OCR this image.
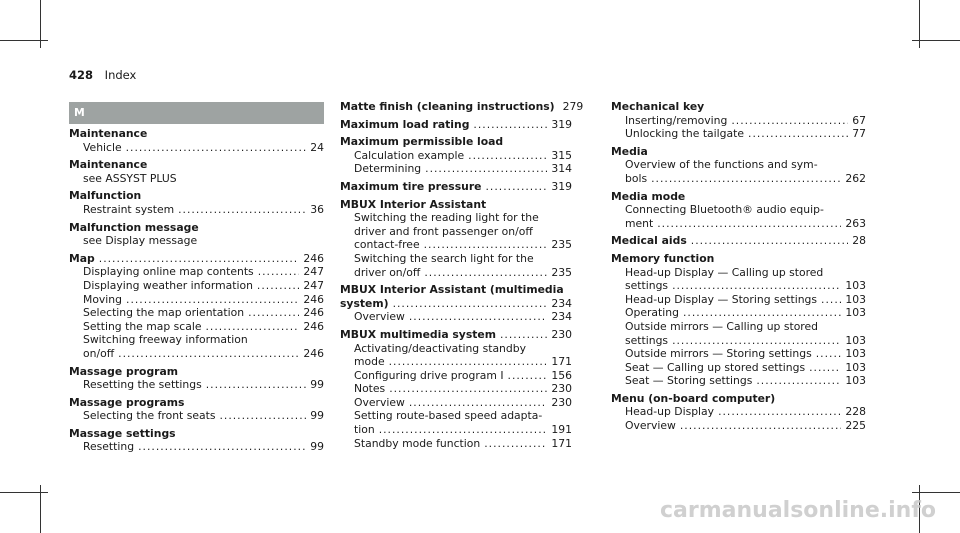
428 Index
M
Maintenance
Vehicle .....	24
Maintenance
see ASSYST PLUS
Malfunction
Restraint system .....	36
Malfunction message
see Display message
Map .....	246
Displaying online map contents .....	247
Displaying weather information .....	247
Moving .....	246
Selecting the map orientation .....	246
Setting the map scale .....	246
Switching freeway information
on/off .....	246
Massage program
Resetting the settings .....	99
Massage programs
Selecting the front seats .....	99
Massage settings
Resetting .....	99
Matte finish (cleaning instructions) 279
Maximum load rating .....	319
Maximum permissible load
Calculation example .....	315
Determining .....	314
Maximum tire pressure .....	319
MBUX Interior Assistant
Switching the reading light for the
driver and front passenger on/off
contact-free .....	235
Switching the search light for the
driver on/off .....	235
MBUX Interior Assistant (multimedia
system) .....	234
Overview .....	234
MBUX multimedia system .....	230
Activating/deactivating standby
mode .....	171
Configuring drive program I .....	156
Notes .....	230
Overview .....	230
Setting route-based speed adapta-
tion .....	191
Standby mode function .....	171
Mechanical key
Inserting/removing .....	67
Unlocking the tailgate .....	77
Media
Overview of the functions and sym-
bols .....	262
Media mode
Connecting Bluetooth® audio equip-
ment .....	263
Medical aids .....	28
Memory function
Head-up Display — Calling up stored
settings .....	103
Head-up Display — Storing settings .....	103
Operating .....	103
Outside mirrors — Calling up stored
settings .....	103
Outside mirrors — Storing settings .....	103
Seat — Calling up stored settings .....	103
Seat — Storing settings .....	103
Menu (on-board computer)
Head-up Display .....	228
Overview .....	225
carmanualsonline.info
